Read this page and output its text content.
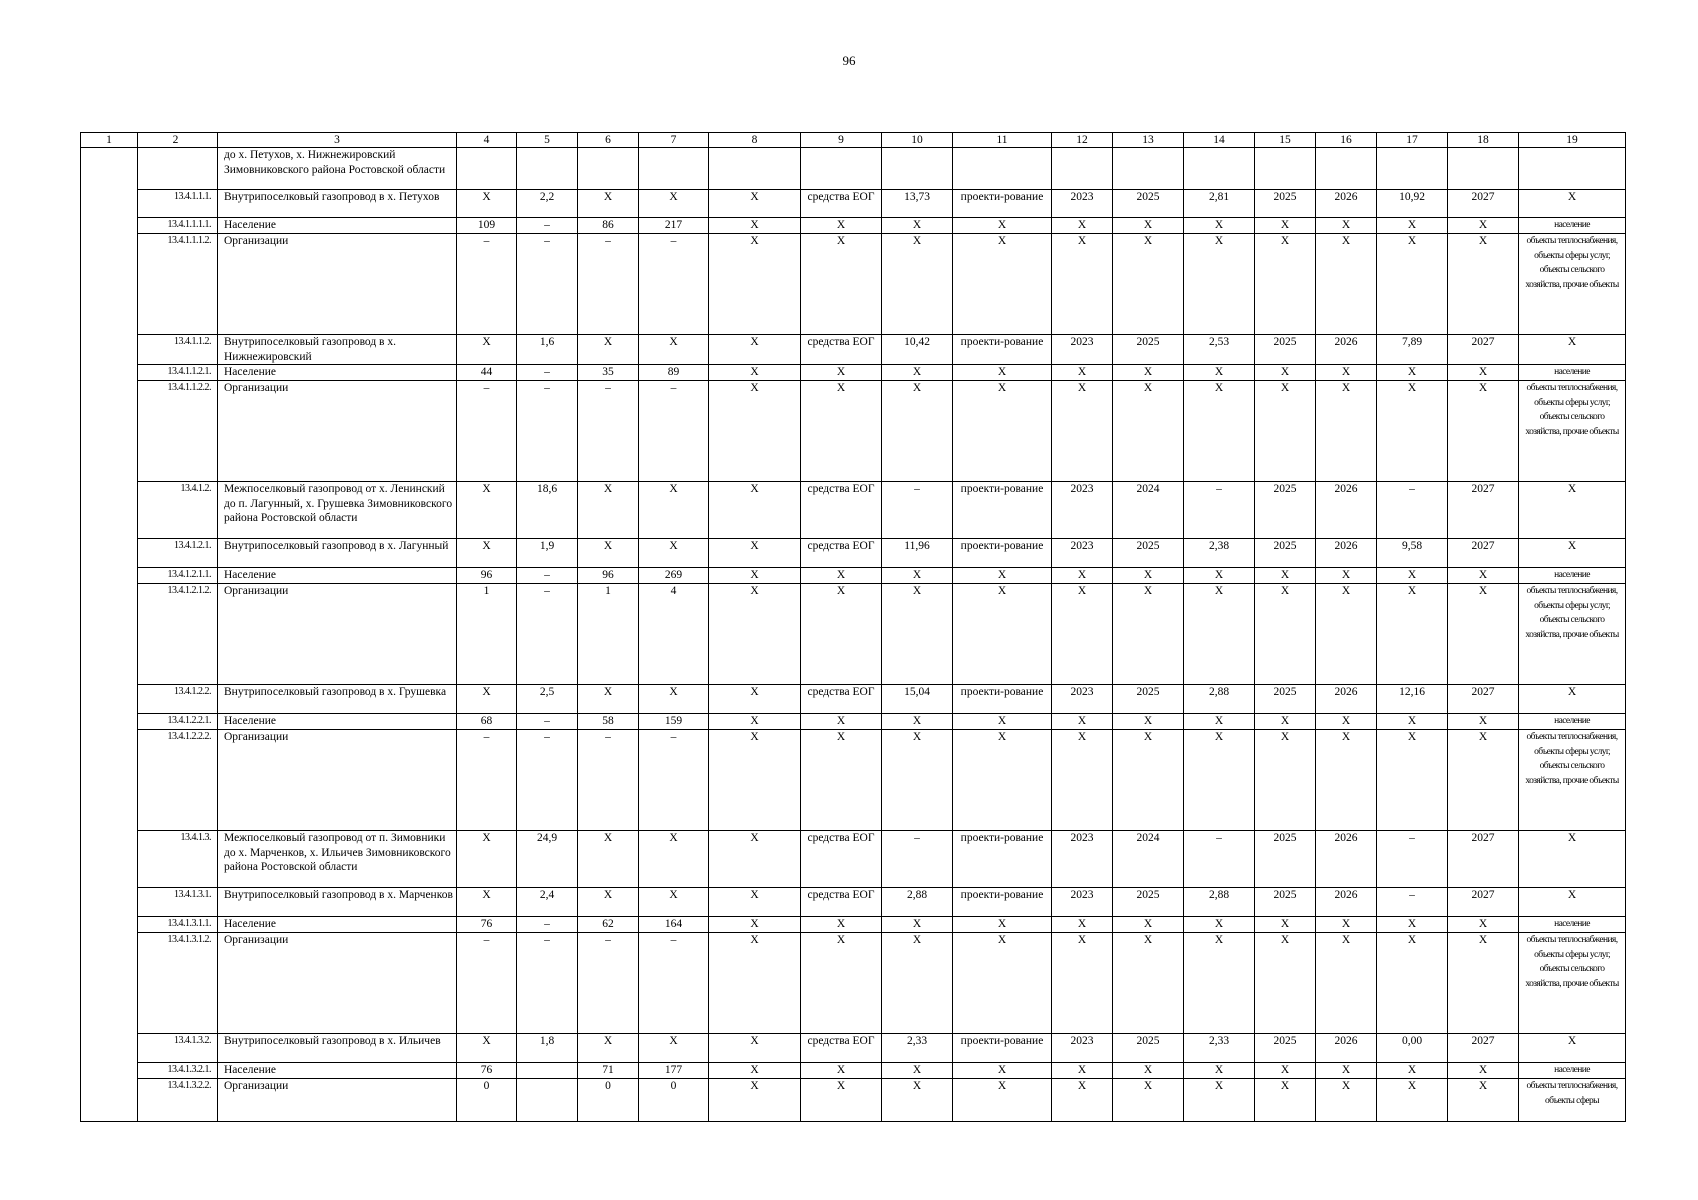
96
1	2	3	4	5	6	7	8	9	10	11	12	13	14	15	16	17	18	19
		до х. Петухов, х. Нижнежировский Зимовниковского района Ростовской области																
	13.4.1.1.1.	Внутрипоселковый газопровод в х. Петухов	Х	2,2	Х	Х	Х	средства ЕОГ	13,73	проекти-рование	2023	2025	2,81	2025	2026	10,92	2027	Х
	13.4.1.1.1.1.	Население	109	–	86	217	Х	Х	Х	Х	Х	Х	Х	Х	Х	Х	Х	население
	13.4.1.1.1.2.	Организации	–	–	–	–	Х	Х	Х	Х	Х	Х	Х	Х	Х	Х	Х	объекты теплоснабжения, объекты сферы услуг, объекты сельского хозяйства, прочие объекты
	13.4.1.1.2.	Внутрипоселковый газопровод в х. Нижнежировский	Х	1,6	Х	Х	Х	средства ЕОГ	10,42	проекти-рование	2023	2025	2,53	2025	2026	7,89	2027	Х
	13.4.1.1.2.1.	Население	44	–	35	89	Х	Х	Х	Х	Х	Х	Х	Х	Х	Х	Х	население
	13.4.1.1.2.2.	Организации	–	–	–	–	Х	Х	Х	Х	Х	Х	Х	Х	Х	Х	Х	объекты теплоснабжения, объекты сферы услуг, объекты сельского хозяйства, прочие объекты
	13.4.1.2.	Межпоселковый газопровод от х. Ленинский до п. Лагунный, х. Грушевка Зимовниковского района Ростовской области	Х	18,6	Х	Х	Х	средства ЕОГ	–	проекти-рование	2023	2024	–	2025	2026	–	2027	Х
	13.4.1.2.1.	Внутрипоселковый газопровод в х. Лагунный	Х	1,9	Х	Х	Х	средства ЕОГ	11,96	проекти-рование	2023	2025	2,38	2025	2026	9,58	2027	Х
	13.4.1.2.1.1.	Население	96	–	96	269	Х	Х	Х	Х	Х	Х	Х	Х	Х	Х	Х	население
	13.4.1.2.1.2.	Организации	1	–	1	4	Х	Х	Х	Х	Х	Х	Х	Х	Х	Х	Х	объекты теплоснабжения, объекты сферы услуг, объекты сельского хозяйства, прочие объекты
	13.4.1.2.2.	Внутрипоселковый газопровод в х. Грушевка	Х	2,5	Х	Х	Х	средства ЕОГ	15,04	проекти-рование	2023	2025	2,88	2025	2026	12,16	2027	Х
	13.4.1.2.2.1.	Население	68	–	58	159	Х	Х	Х	Х	Х	Х	Х	Х	Х	Х	Х	население
	13.4.1.2.2.2.	Организации	–	–	–	–	Х	Х	Х	Х	Х	Х	Х	Х	Х	Х	Х	объекты теплоснабжения, объекты сферы услуг, объекты сельского хозяйства, прочие объекты
	13.4.1.3.	Межпоселковый газопровод от п. Зимовники до х. Марченков, х. Ильичев Зимовниковского района Ростовской области	Х	24,9	Х	Х	Х	средства ЕОГ	–	проекти-рование	2023	2024	–	2025	2026	–	2027	Х
	13.4.1.3.1.	Внутрипоселковый газопровод в х. Марченков	Х	2,4	Х	Х	Х	средства ЕОГ	2,88	проекти-рование	2023	2025	2,88	2025	2026	–	2027	Х
	13.4.1.3.1.1.	Население	76	–	62	164	Х	Х	Х	Х	Х	Х	Х	Х	Х	Х	Х	население
	13.4.1.3.1.2.	Организации	–	–	–	–	Х	Х	Х	Х	Х	Х	Х	Х	Х	Х	Х	объекты теплоснабжения, объекты сферы услуг, объекты сельского хозяйства, прочие объекты
	13.4.1.3.2.	Внутрипоселковый газопровод в х. Ильичев	Х	1,8	Х	Х	Х	средства ЕОГ	2,33	проекти-рование	2023	2025	2,33	2025	2026	0,00	2027	Х
	13.4.1.3.2.1.	Население	76		71	177	Х	Х	Х	Х	Х	Х	Х	Х	Х	Х	Х	население
	13.4.1.3.2.2.	Организации	0		0	0	Х	Х	Х	Х	Х	Х	Х	Х	Х	Х	Х	объекты теплоснабжения, объекты сферы
